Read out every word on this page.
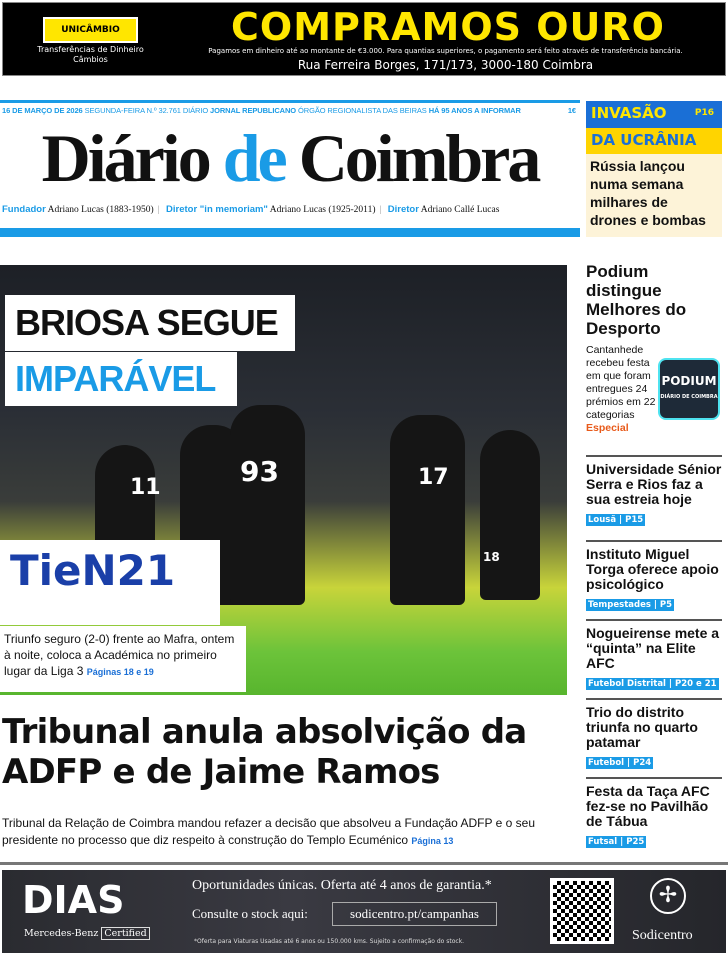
UNICÂMBIO
Transferências de Dinheiro Câmbios
COMPRAMOS OURO
Pagamos em dinheiro até ao montante de €3.000. Para quantias superiores, o pagamento será feito através de transferência bancária.
Rua Ferreira Borges, 171/173, 3000-180 Coimbra
16 DE MARÇO DE 2026 SEGUNDA-FEIRA N.º 32.761 DIÁRIO JORNAL REPUBLICANO ÓRGÃO REGIONALISTA DAS BEIRAS HÁ 95 ANOS A INFORMAR	1€
Diário de Coimbra
Fundador Adriano Lucas (1883-1950) | Diretor "in memoriam" Adriano Lucas (1925-2011) | Diretor Adriano Callé Lucas
INVASÃO	P16
DA UCRÂNIA
Rússia lançou numa semana milhares de drones e bombas
11	93	17
18
TieN21
BRIOSA SEGUE
IMPARÁVEL
Triunfo seguro (2-0) frente ao Mafra, ontem à noite, coloca a Académica no primeiro lugar da Liga 3 Páginas 18 e 19
Tribunal anula absolvição da ADFP e de Jaime Ramos
Tribunal da Relação de Coimbra mandou refazer a decisão que absolveu a Fundação ADFP e o seu presidente no processo que diz respeito à construção do Templo Ecuménico Página 13
Podium distingue Melhores do Desporto
Cantanhede recebeu festa em que foram entregues 24 prémios em 22 categorias Especial
PODIUM
DIÁRIO DE COIMBRA
Universidade Sénior Serra e Rios faz a sua estreia hoje
Lousã | P15
Instituto Miguel Torga oferece apoio psicológico
Tempestades | P5
Nogueirense mete a “quinta” na Elite AFC
Futebol Distrital | P20 e 21
Trio do distrito triunfa no quarto patamar
Futebol | P24
Festa da Taça AFC fez-se no Pavilhão de Tábua
Futsal | P25
DIAS
Mercedes-Benz Certified
Oportunidades únicas. Oferta até 4 anos de garantia.*
Consulte o stock aqui:	sodicentro.pt/campanhas
*Oferta para Viaturas Usadas até 6 anos ou 150.000 kms. Sujeito a confirmação do stock.
✢
Sodicentro
